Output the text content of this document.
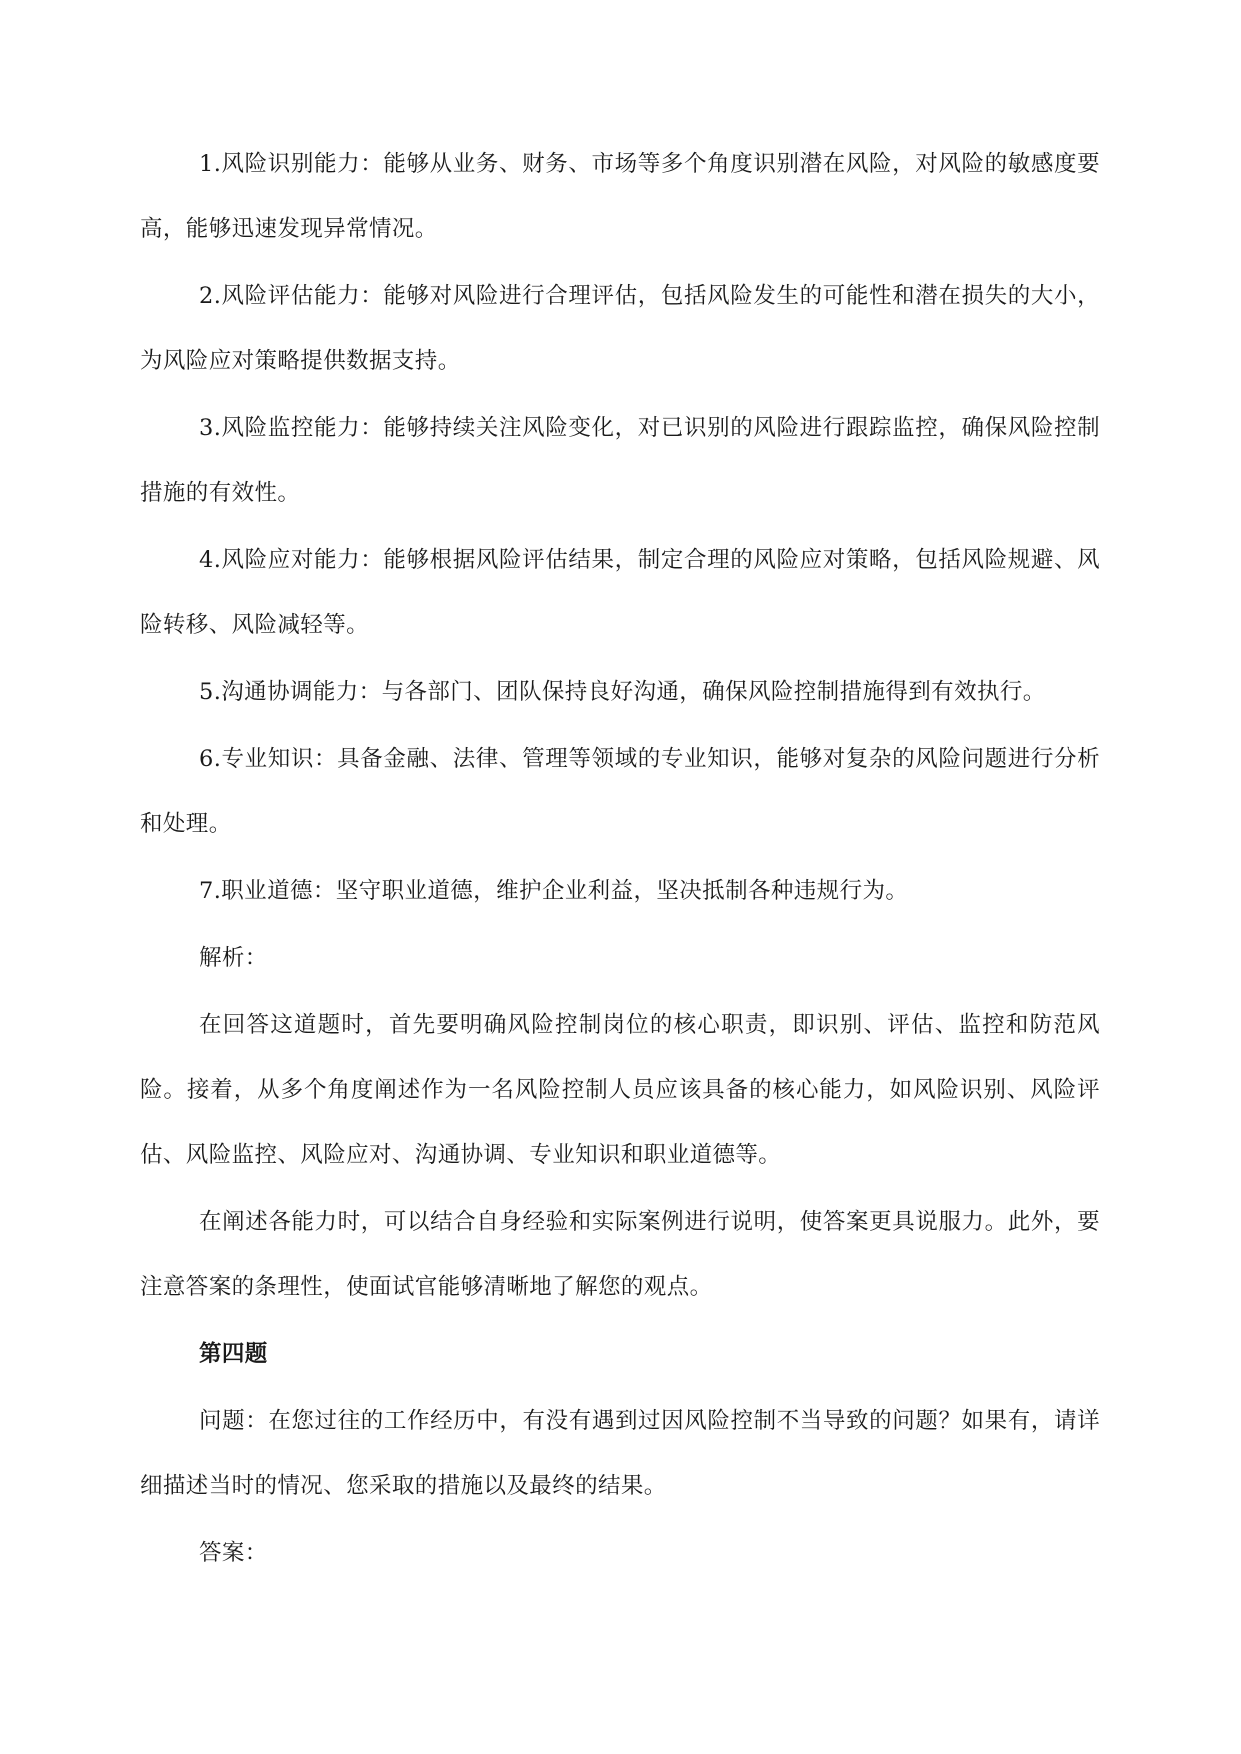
1.风险识别能力：能够从业务、财务、市场等多个角度识别潜在风险，对风险的敏感度要高，能够迅速发现异常情况。

2.风险评估能力：能够对风险进行合理评估，包括风险发生的可能性和潜在损失的大小，为风险应对策略提供数据支持。

3.风险监控能力：能够持续关注风险变化，对已识别的风险进行跟踪监控，确保风险控制措施的有效性。

4.风险应对能力：能够根据风险评估结果，制定合理的风险应对策略，包括风险规避、风险转移、风险减轻等。

5.沟通协调能力：与各部门、团队保持良好沟通，确保风险控制措施得到有效执行。

6.专业知识：具备金融、法律、管理等领域的专业知识，能够对复杂的风险问题进行分析和处理。

7.职业道德：坚守职业道德，维护企业利益，坚决抵制各种违规行为。

解析：

在回答这道题时，首先要明确风险控制岗位的核心职责，即识别、评估、监控和防范风险。接着，从多个角度阐述作为一名风险控制人员应该具备的核心能力，如风险识别、风险评估、风险监控、风险应对、沟通协调、专业知识和职业道德等。

在阐述各能力时，可以结合自身经验和实际案例进行说明，使答案更具说服力。此外，要注意答案的条理性，使面试官能够清晰地了解您的观点。

第四题

问题：在您过往的工作经历中，有没有遇到过因风险控制不当导致的问题？如果有，请详细描述当时的情况、您采取的措施以及最终的结果。

答案：
